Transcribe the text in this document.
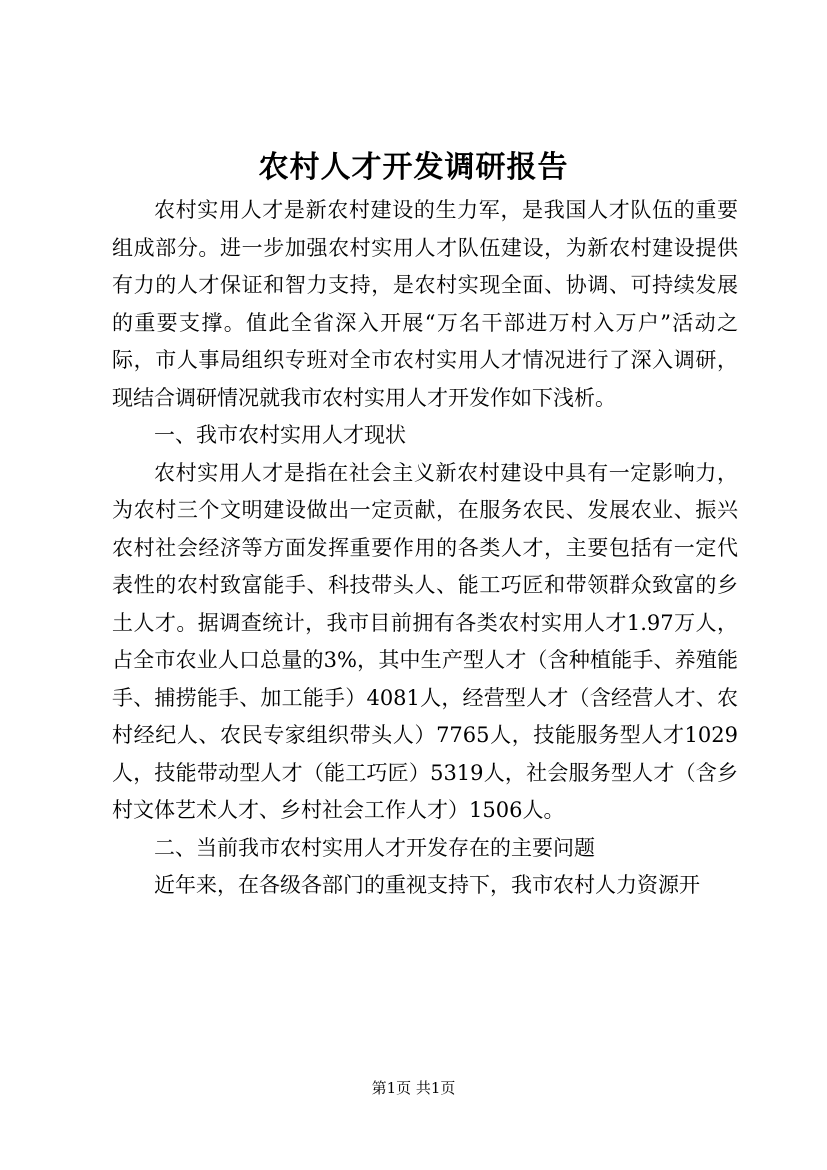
农村人才开发调研报告

农村实用人才是新农村建设的生力军，是我国人才队伍的重要组成部分。进一步加强农村实用人才队伍建设，为新农村建设提供有力的人才保证和智力支持，是农村实现全面、协调、可持续发展的重要支撑。值此全省深入开展“万名干部进万村入万户”活动之际，市人事局组织专班对全市农村实用人才情况进行了深入调研，现结合调研情况就我市农村实用人才开发作如下浅析。

一、我市农村实用人才现状

农村实用人才是指在社会主义新农村建设中具有一定影响力，为农村三个文明建设做出一定贡献，在服务农民、发展农业、振兴农村社会经济等方面发挥重要作用的各类人才，主要包括有一定代表性的农村致富能手、科技带头人、能工巧匠和带领群众致富的乡土人才。据调查统计，我市目前拥有各类农村实用人才1.97万人，占全市农业人口总量的3%，其中生产型人才（含种植能手、养殖能手、捕捞能手、加工能手）4081人，经营型人才（含经营人才、农村经纪人、农民专家组织带头人）7765人，技能服务型人才1029人，技能带动型人才（能工巧匠）5319人，社会服务型人才（含乡村文体艺术人才、乡村社会工作人才）1506人。

二、当前我市农村实用人才开发存在的主要问题

近年来，在各级各部门的重视支持下，我市农村人力资源开

第1页 共1页
